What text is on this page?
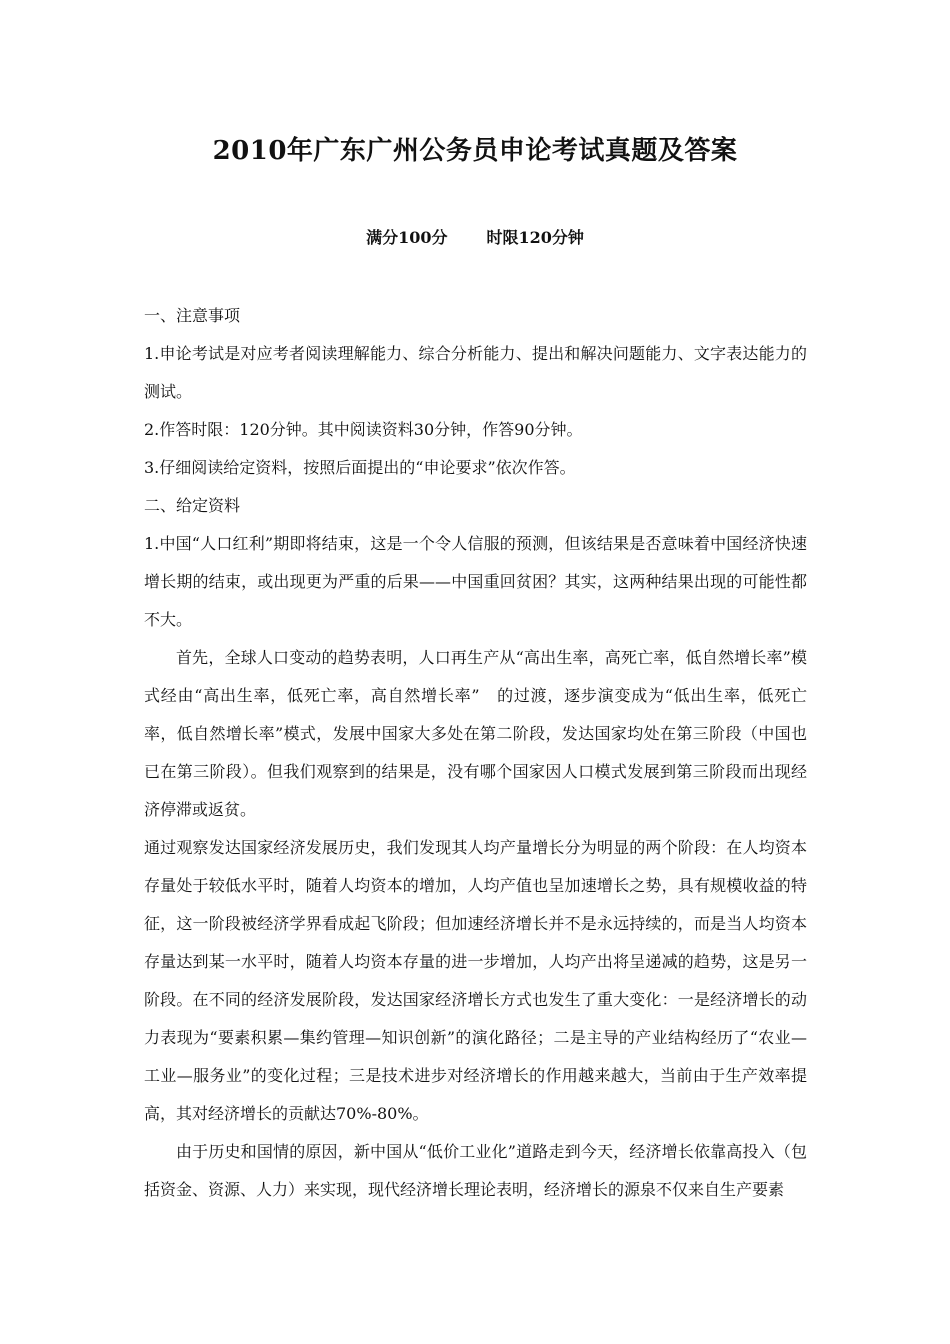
2010年广东广州公务员申论考试真题及答案
满分100分       时限120分钟

一、注意事项

1.申论考试是对应考者阅读理解能力、综合分析能力、提出和解决问题能力、文字表达能力的测试。

2.作答时限：120分钟。其中阅读资料30分钟，作答90分钟。

3.仔细阅读给定资料，按照后面提出的“申论要求”依次作答。

二、给定资料

1.中国“人口红利”期即将结束，这是一个令人信服的预测，但该结果是否意味着中国经济快速增长期的结束，或出现更为严重的后果——中国重回贫困？其实，这两种结果出现的可能性都不大。

首先，全球人口变动的趋势表明，人口再生产从“高出生率，高死亡率，低自然增长率”模式经由“高出生率，低死亡率，高自然增长率”　的过渡，逐步演变成为“低出生率，低死亡率，低自然增长率”模式，发展中国家大多处在第二阶段，发达国家均处在第三阶段（中国也已在第三阶段）。但我们观察到的结果是，没有哪个国家因人口模式发展到第三阶段而出现经济停滞或返贫。

通过观察发达国家经济发展历史，我们发现其人均产量增长分为明显的两个阶段：在人均资本存量处于较低水平时，随着人均资本的增加，人均产值也呈加速增长之势，具有规模收益的特征，这一阶段被经济学界看成起飞阶段；但加速经济增长并不是永远持续的，而是当人均资本存量达到某一水平时，随着人均资本存量的进一步增加，人均产出将呈递减的趋势，这是另一阶段。在不同的经济发展阶段，发达国家经济增长方式也发生了重大变化：一是经济增长的动力表现为“要素积累—集约管理—知识创新”的演化路径；二是主导的产业结构经历了“农业—工业—服务业”的变化过程；三是技术进步对经济增长的作用越来越大，当前由于生产效率提高，其对经济增长的贡献达70%-80%。

由于历史和国情的原因，新中国从“低价工业化”道路走到今天，经济增长依靠高投入（包括资金、资源、人力）来实现，现代经济增长理论表明，经济增长的源泉不仅来自生产要素
